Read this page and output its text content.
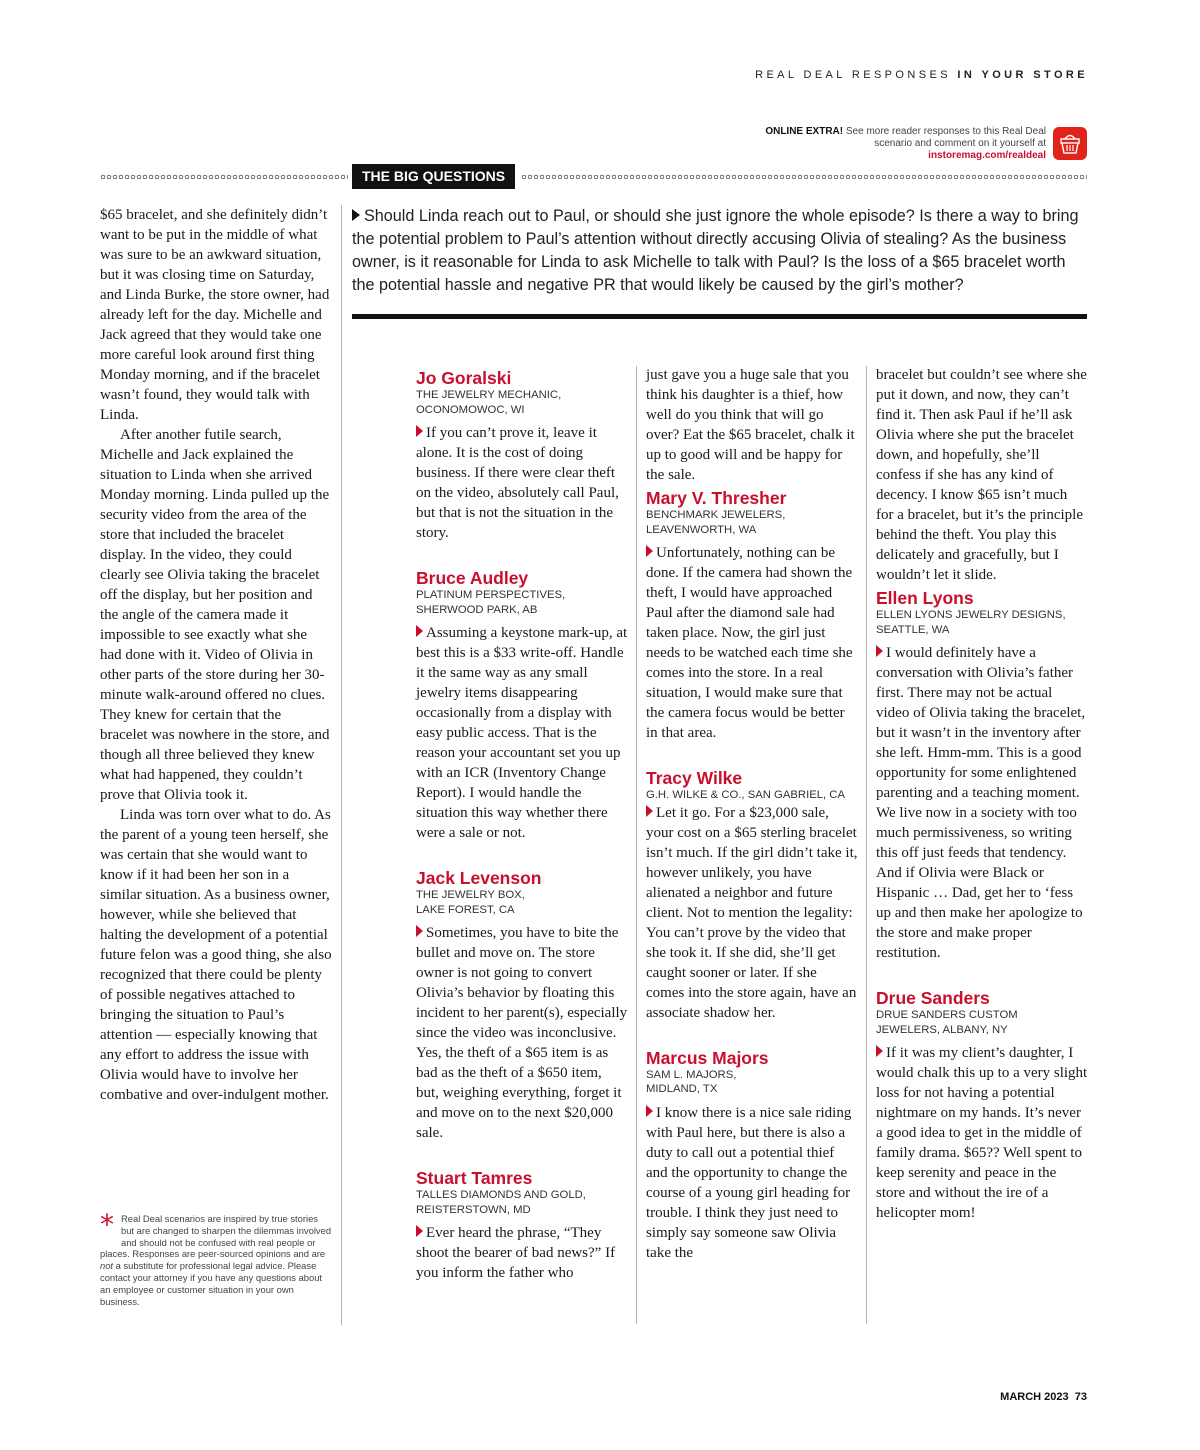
REAL DEAL RESPONSES IN YOUR STORE
ONLINE EXTRA! See more reader responses to this Real Deal scenario and comment on it yourself at
instoremag.com/realdeal
THE BIG QUESTIONS
Should Linda reach out to Paul, or should she just ignore the whole episode? Is there a way to bring the potential problem to Paul’s attention without directly accusing Olivia of stealing? As the business owner, is it reasonable for Linda to ask Michelle to talk with Paul? Is the loss of a $65 bracelet worth the potential hassle and negative PR that would likely be caused by the girl’s mother?

$65 bracelet, and she definitely didn’t want to be put in the middle of what was sure to be an awkward situation, but it was closing time on Saturday, and Linda Burke, the store owner, had already left for the day. Michelle and Jack agreed that they would take one more careful look around first thing Monday morning, and if the bracelet wasn’t found, they would talk with Linda.

After another futile search, Michelle and Jack explained the situation to Linda when she arrived Monday morning. Linda pulled up the security video from the area of the store that included the bracelet display. In the video, they could clearly see Olivia taking the bracelet off the display, but her position and the angle of the camera made it impossible to see exactly what she had done with it. Video of Olivia in other parts of the store during her 30-minute walk-around offered no clues. They knew for certain that the bracelet was nowhere in the store, and though all three believed they knew what had happened, they couldn’t prove that Olivia took it.

Linda was torn over what to do. As the parent of a young teen herself, she was certain that she would want to know if it had been her son in a similar situation. As a business owner, however, while she believed that halting the development of a potential future felon was a good thing, she also recognized that there could be plenty of possible negatives attached to bringing the situation to Paul’s attention — especially knowing that any effort to address the issue with Olivia would have to involve her combative and over-indulgent mother.

* Real Deal scenarios are inspired by true stories but are changed to sharpen the dilemmas involved and should not be confused with real people or places. Responses are peer-sourced opinions and are not a substitute for professional legal advice. Please contact your attorney if you have any questions about an employee or customer situation in your own business.
Jo Goralski
THE JEWELRY MECHANIC,
OCONOMOWOC, WI

If you can’t prove it, leave it alone. It is the cost of doing business. If there were clear theft on the video, absolutely call Paul, but that is not the situation in the story.

Bruce Audley
PLATINUM PERSPECTIVES,
SHERWOOD PARK, AB

Assuming a keystone mark-up, at best this is a $33 write-off. Handle it the same way as any small jewelry items disappearing occasionally from a display with easy public access. That is the reason your accountant set you up with an ICR (Inventory Change Report). I would handle the situation this way whether there were a sale or not.

Jack Levenson
THE JEWELRY BOX,
LAKE FOREST, CA

Sometimes, you have to bite the bullet and move on. The store owner is not going to convert Olivia’s behavior by floating this incident to her parent(s), especially since the video was inconclusive. Yes, the theft of a $65 item is as bad as the theft of a $650 item, but, weighing everything, forget it and move on to the next $20,000 sale.

Stuart Tamres
TALLES DIAMONDS AND GOLD,
REISTERSTOWN, MD

Ever heard the phrase, “They shoot the bearer of bad news?” If you inform the father who

just gave you a huge sale that you think his daughter is a thief, how well do you think that will go over? Eat the $65 bracelet, chalk it up to good will and be happy for the sale.

Mary V. Thresher
BENCHMARK JEWELERS,
LEAVENWORTH, WA

Unfortunately, nothing can be done. If the camera had shown the theft, I would have approached Paul after the diamond sale had taken place. Now, the girl just needs to be watched each time she comes into the store. In a real situation, I would make sure that the camera focus would be better in that area.

Tracy Wilke
G.H. WILKE & CO., SAN GABRIEL, CA

Let it go. For a $23,000 sale, your cost on a $65 sterling bracelet isn’t much. If the girl didn’t take it, however unlikely, you have alienated a neighbor and future client. Not to mention the legality: You can’t prove by the video that she took it. If she did, she’ll get caught sooner or later. If she comes into the store again, have an associate shadow her.

Marcus Majors
SAM L. MAJORS,
MIDLAND, TX

I know there is a nice sale riding with Paul here, but there is also a duty to call out a potential thief and the opportunity to change the course of a young girl heading for trouble. I think they just need to simply say someone saw Olivia take the

bracelet but couldn’t see where she put it down, and now, they can’t find it. Then ask Paul if he’ll ask Olivia where she put the bracelet down, and hopefully, she’ll confess if she has any kind of decency. I know $65 isn’t much for a bracelet, but it’s the principle behind the theft. You play this delicately and gracefully, but I wouldn’t let it slide.

Ellen Lyons
ELLEN LYONS JEWELRY DESIGNS,
SEATTLE, WA

I would definitely have a conversation with Olivia’s father first. There may not be actual video of Olivia taking the bracelet, but it wasn’t in the inventory after she left. Hmm-mm. This is a good opportunity for some enlightened parenting and a teaching moment. We live now in a society with too much permissiveness, so writing this off just feeds that tendency. And if Olivia were Black or Hispanic … Dad, get her to ‘fess up and then make her apologize to the store and make proper restitution.

Drue Sanders
DRUE SANDERS CUSTOM
JEWELERS, ALBANY, NY

If it was my client’s daughter, I would chalk this up to a very slight loss for not having a potential nightmare on my hands. It’s never a good idea to get in the middle of family drama. $65?? Well spent to keep serenity and peace in the store and without the ire of a helicopter mom!

MARCH 2023 73
